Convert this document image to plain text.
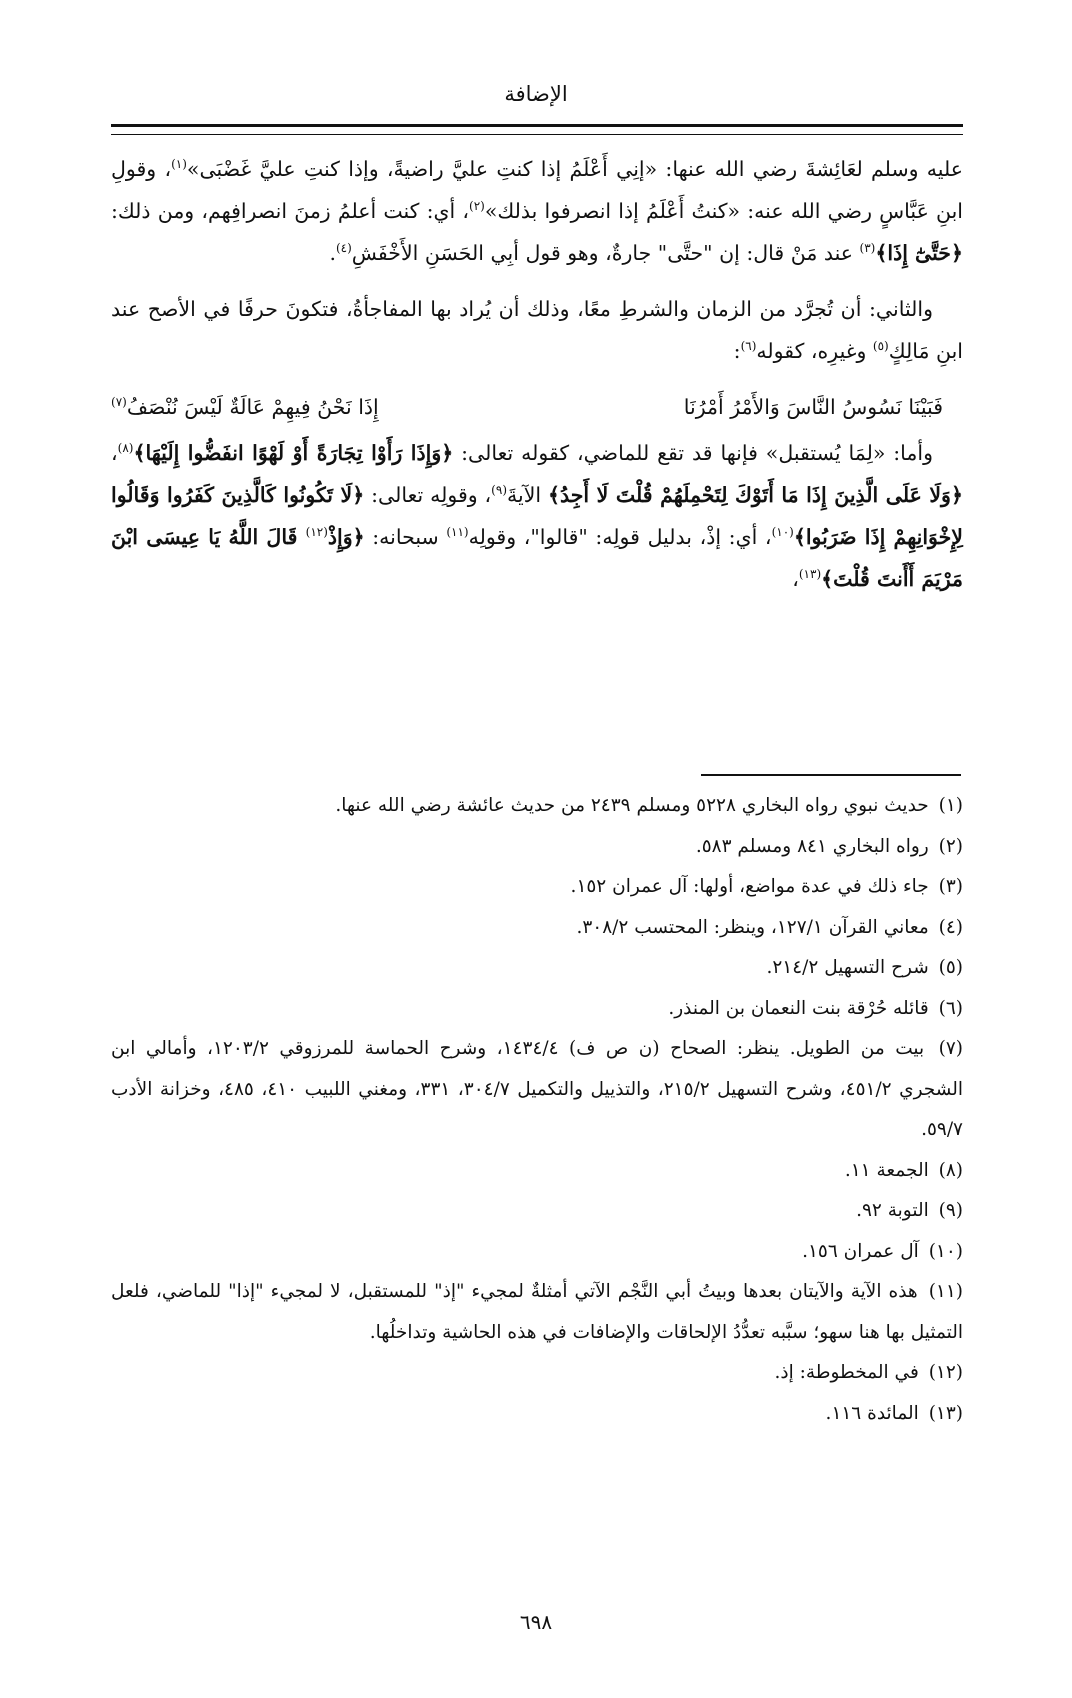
الإضافة

عليه وسلم لعَائِشةَ رضي الله عنها: «إنِي أَعْلَمُ إذا كنتِ عليَّ راضيةً، وإذا كنتِ عليَّ غَضْبَى»$^{(١)}$، وقولِ ابنِ عَبَّاسٍ رضي الله عنه: «كنتُ أَعْلَمُ إذا انصرفوا بذلك»$^{(٢)}$، أي: كنت أعلمُ زمنَ انصرافِهم، ومن ذلك: ﴿حَتَّىٰٓ إِذَا﴾$^{(٣)}$ عند مَنْ قال: إن "حتَّى" جارةٌ، وهو قول أبِي الحَسَنِ الأَخْفَشِ$^{(٤)}$.

والثاني: أن تُجرَّد من الزمان والشرطِ معًا، وذلك أن يُراد بها المفاجأةُ، فتكونَ حرفًا في الأصح عند ابنِ مَالِكٍ$^{(٥)}$ وغيرِه، كقوله$^{(٦)}$:

فَبَيْنَا نَسُوسُ النَّاسَ وَالأَمْرُ أَمْرُنَا
إِذَا نَحْنُ فِيهِمْ عَالَةٌ لَيْسَ نُنْصَفُ$^{(٧)}$

وأما: «لِمَا يُستقبل» فإنها قد تقع للماضي، كقوله تعالى: ﴿وَإِذَا رَأَوْا تِجَارَةً أَوْ لَهْوًا انفَضُّوا إِلَيْهَا﴾$^{(٨)}$، ﴿وَلَا عَلَى الَّذِينَ إِذَا مَا أَتَوْكَ لِتَحْمِلَهُمْ قُلْتَ لَا أَجِدُ﴾ الآيةَ$^{(٩)}$، وقولِه تعالى: ﴿لَا تَكُونُوا كَالَّذِينَ كَفَرُوا وَقَالُوا لِإِخْوَانِهِمْ إِذَا ضَرَبُوا﴾$^{(١٠)}$، أي: إذْ، بدليل قولِه: "قالوا"، وقولِه$^{(١١)}$ سبحانه: ﴿وَإِذْ$^{(١٢)}$ قَالَ اللَّهُ يَا عِيسَى ابْنَ مَرْيَمَ أَأَنتَ قُلْتَ﴾$^{(١٣)}$،

(١) حديث نبوي رواه البخاري ٥٢٢٨ ومسلم ٢٤٣٩ من حديث عائشة رضي الله عنها.

(٢) رواه البخاري ٨٤١ ومسلم ٥٨٣.

(٣) جاء ذلك في عدة مواضع، أولها: آل عمران ١٥٢.

(٤) معاني القرآن ١٢٧/١، وينظر: المحتسب ٣٠٨/٢.

(٥) شرح التسهيل ٢١٤/٢.

(٦) قائله حُرْقة بنت النعمان بن المنذر.

(٧) بيت من الطويل. ينظر: الصحاح (ن ص ف) ١٤٣٤/٤، وشرح الحماسة للمرزوقي ١٢٠٣/٢، وأمالي ابن الشجري ٤٥١/٢، وشرح التسهيل ٢١٥/٢، والتذييل والتكميل ٣٠٤/٧، ٣٣١، ومغني اللبيب ٤١٠، ٤٨٥، وخزانة الأدب ٥٩/٧.

(٨) الجمعة ١١.

(٩) التوبة ٩٢.

(١٠) آل عمران ١٥٦.

(١١) هذه الآية والآيتان بعدها وبيتُ أبي النَّجْم الآتي أمثلةٌ لمجيء "إذ" للمستقبل، لا لمجيء "إذا" للماضي، فلعل التمثيل بها هنا سهو؛ سبَّبه تعدُّدُ الإلحاقات والإضافات في هذه الحاشية وتداخلُها.

(١٢) في المخطوطة: إذ.

(١٣) المائدة ١١٦.

٦٩٨
